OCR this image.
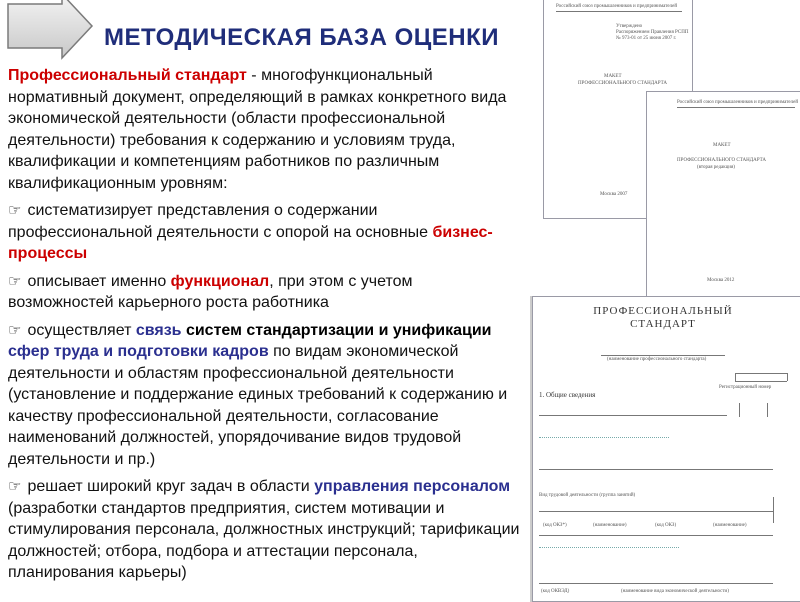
МЕТОДИЧЕСКАЯ БАЗА ОЦЕНКИ

Профессиональный стандарт - многофункциональный нормативный документ, определяющий в рамках конкретного вида экономической деятельности (области профессиональной деятельности) требования к содержанию и условиям труда, квалификации и компетенциям работников по различным квалификационным уровням:

☞ систематизирует представления о содержании профессиональной деятельности с опорой на основные бизнес-процессы

☞ описывает именно функционал, при этом с учетом возможностей карьерного роста работника

☞ осуществляет связь систем стандартизации и унификации сфер труда и подготовки кадров по видам экономической деятельности и областям профессиональной деятельности (установление и поддержание единых требований к содержанию и качеству профессиональной деятельности, согласование наименований должностей, упорядочивание видов трудовой деятельности и пр.)

☞ решает широкий круг задач в области управления персоналом (разработки стандартов предприятия, систем мотивации и стимулирования персонала, должностных инструкций; тарификации должностей; отбора, подбора и аттестации персонала, планирования карьеры)

Российский союз промышленников и предпринимателей
Утверждено
Распоряжением Правления РСПП
№ 973-01 от 25 июня 2007 г.
МАКЕТ
ПРОФЕССИОНАЛЬНОГО СТАНДАРТА
Москва 2007
Российский союз промышленников и предпринимателей
МАКЕТ
ПРОФЕССИОНАЛЬНОГО СТАНДАРТА
(вторая редакция)
Москва 2012
ПРОФЕССИОНАЛЬНЫЙ
СТАНДАРТ
(наименование профессионального стандарта)
Регистрационный номер
1. Общие сведения
Вид трудовой деятельности (группа занятий)
(код ОКЗ*)	(наименование)	(код ОКЗ)	(наименование)
(код ОКВЭД)	(наименование вида экономической деятельности)
